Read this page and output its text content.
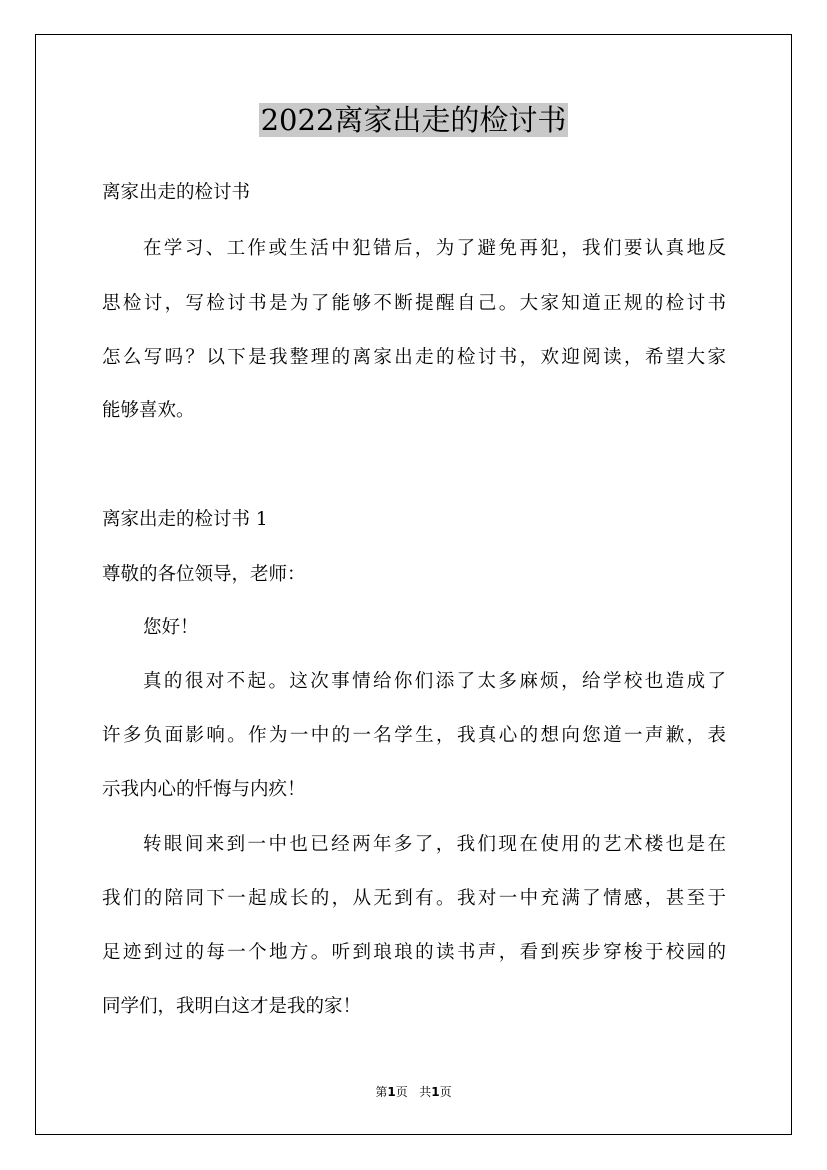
2022离家出走的检讨书
离家出走的检讨书
在学习、工作或生活中犯错后，为了避免再犯，我们要认真地反
思检讨，写检讨书是为了能够不断提醒自己。大家知道正规的检讨书
怎么写吗？以下是我整理的离家出走的检讨书，欢迎阅读，希望大家
能够喜欢。
离家出走的检讨书 1
尊敬的各位领导，老师：
您好！
真的很对不起。这次事情给你们添了太多麻烦，给学校也造成了
许多负面影响。作为一中的一名学生，我真心的想向您道一声歉，表
示我内心的忏悔与内疚！
转眼间来到一中也已经两年多了，我们现在使用的艺术楼也是在
我们的陪同下一起成长的，从无到有。我对一中充满了情感，甚至于
足迹到过的每一个地方。听到琅琅的读书声，看到疾步穿梭于校园的
同学们，我明白这才是我的家！
第1页 共1页
